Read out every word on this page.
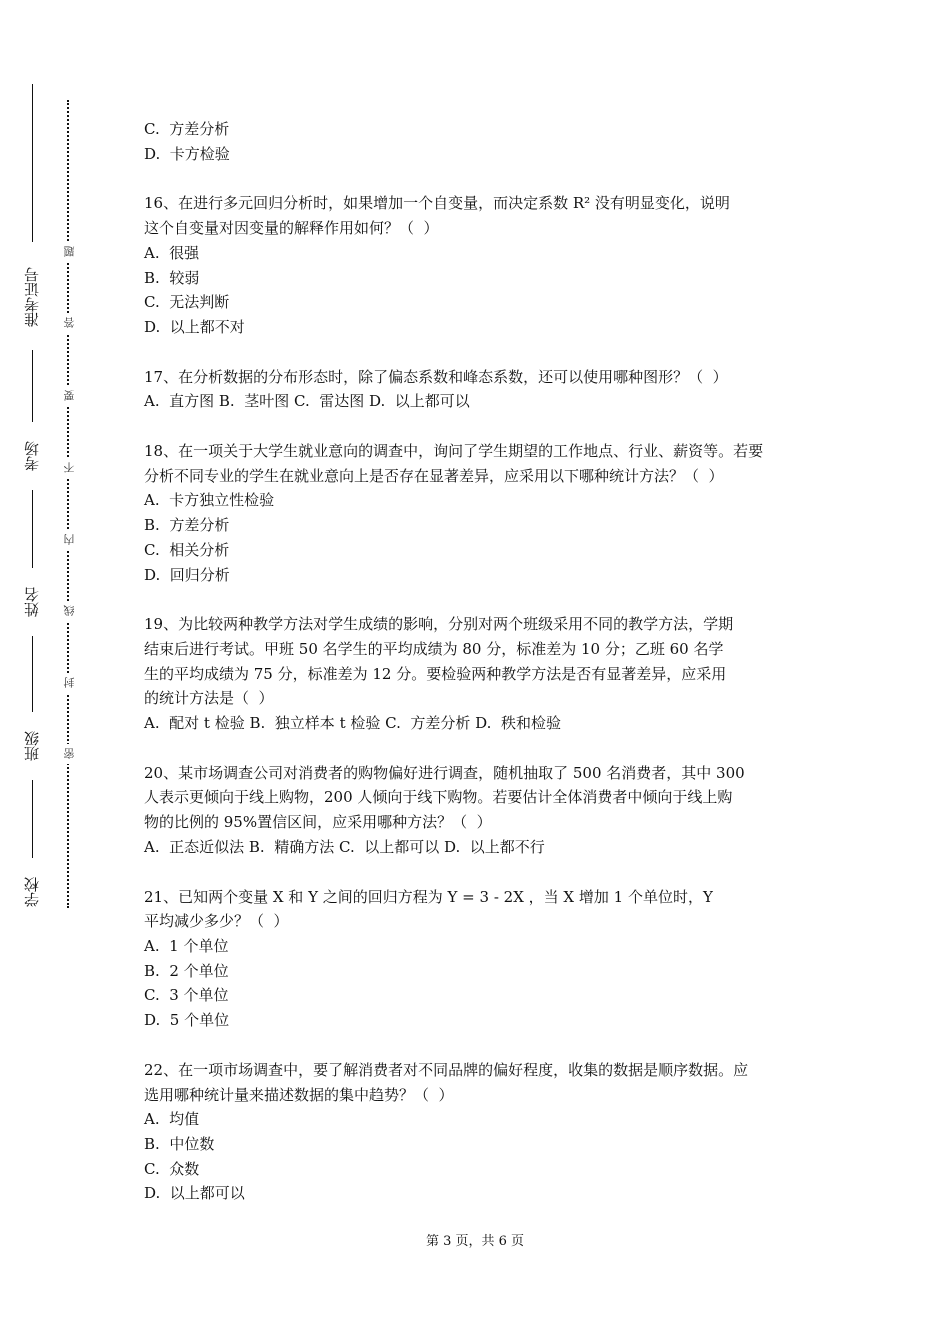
准考证号
考场
姓名
班级
学校
题
答
要
不
内
线
封
密
C.  方差分析
D.  卡方检验
16、在进行多元回归分析时，如果增加一个自变量，而决定系数 R² 没有明显变化，说明
这个自变量对因变量的解释作用如何？（  ）
A.  很强
B.  较弱
C.  无法判断
D.  以上都不对
17、在分析数据的分布形态时，除了偏态系数和峰态系数，还可以使用哪种图形？（  ）
A.  直方图 B.  茎叶图 C.  雷达图 D.  以上都可以
18、在一项关于大学生就业意向的调查中，询问了学生期望的工作地点、行业、薪资等。若要
分析不同专业的学生在就业意向上是否存在显著差异，应采用以下哪种统计方法？（  ）
A.  卡方独立性检验
B.  方差分析
C.  相关分析
D.  回归分析
19、为比较两种教学方法对学生成绩的影响，分别对两个班级采用不同的教学方法，学期
结束后进行考试。甲班 50 名学生的平均成绩为 80 分，标准差为 10 分；乙班 60 名学
生的平均成绩为 75 分，标准差为 12 分。要检验两种教学方法是否有显著差异，应采用
的统计方法是（  ）
A.  配对 t 检验 B.  独立样本 t 检验 C.  方差分析 D.  秩和检验
20、某市场调查公司对消费者的购物偏好进行调查，随机抽取了 500 名消费者，其中 300
人表示更倾向于线上购物，200 人倾向于线下购物。若要估计全体消费者中倾向于线上购
物的比例的 95%置信区间，应采用哪种方法？（  ）
A.  正态近似法 B.  精确方法 C.  以上都可以 D.  以上都不行
21、已知两个变量 X 和 Y 之间的回归方程为 Y = 3 - 2X ，当 X 增加 1 个单位时，Y
平均减少多少？（  ）
A.  1 个单位
B.  2 个单位
C.  3 个单位
D.  5 个单位
22、在一项市场调查中，要了解消费者对不同品牌的偏好程度，收集的数据是顺序数据。应
选用哪种统计量来描述数据的集中趋势？（  ）
A.  均值
B.  中位数
C.  众数
D.  以上都可以
第 3 页，共 6 页
